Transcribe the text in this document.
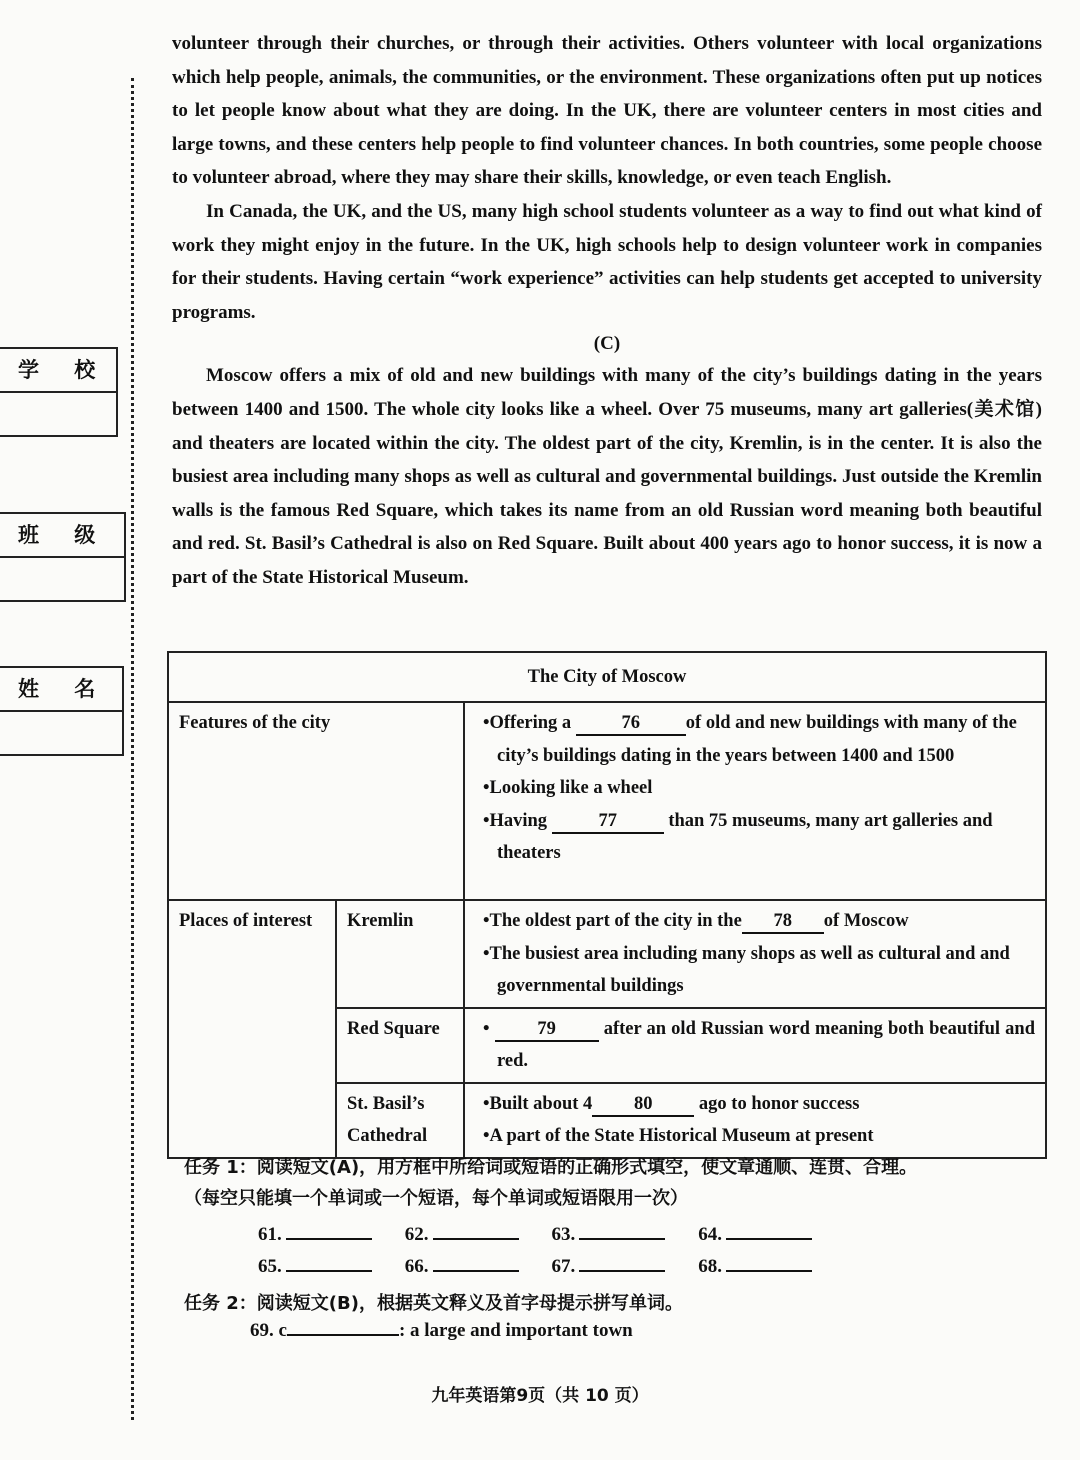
学 校
班 级
姓 名

volunteer through their churches, or through their activities. Others volunteer with local organizations which help people, animals, the communities, or the environment. These organizations often put up notices to let people know about what they are doing. In the UK, there are volunteer centers in most cities and large towns, and these centers help people to find volunteer chances. In both countries, some people choose to volunteer abroad, where they may share their skills, knowledge, or even teach English.

In Canada, the UK, and the US, many high school students volunteer as a way to find out what kind of work they might enjoy in the future. In the UK, high schools help to design volunteer work in companies for their students. Having certain “work experience” activities can help students get accepted to university programs.

(C)

Moscow offers a mix of old and new buildings with many of the city’s buildings dating in the years between 1400 and 1500. The whole city looks like a wheel. Over 75 museums, many art galleries(美术馆) and theaters are located within the city. The oldest part of the city, Kremlin, is in the center. It is also the busiest area including many shops as well as cultural and governmental buildings. Just outside the Kremlin walls is the famous Red Square, which takes its name from an old Russian word meaning both beautiful and red. St. Basil’s Cathedral is also on Red Square. Built about 400 years ago to honor success, it is now a part of the State Historical Museum.

The City of Moscow		
Features of the city		•Offering a 76 of old and new buildings with many of the city’s buildings dating in the years between 1400 and 1500
•Looking like a wheel
•Having 77 than 75 museums, many art galleries and theaters

Places of interest	Kremlin	•The oldest part of the city in the 78 of Moscow
•The busiest area including many shops as well as cultural and and governmental buildings

	Red Square	• 79 after an old Russian word meaning both beautiful and red.

	St. Basil’s Cathedral	•Built about 4 80 ago to honor success
•A part of the State Historical Museum at present
任务 1：阅读短文(A)，用方框中所给词或短语的正确形式填空，使文章通顺、连贯、合理。
（每空只能填一个单词或一个短语，每个单词或短语限用一次）
61.	62.	63.	64.
65.	66.	67.	68.
任务 2：阅读短文(B)，根据英文释义及首字母提示拼写单词。
69. c	: a large and important town
九年英语第9页（共 10 页）
